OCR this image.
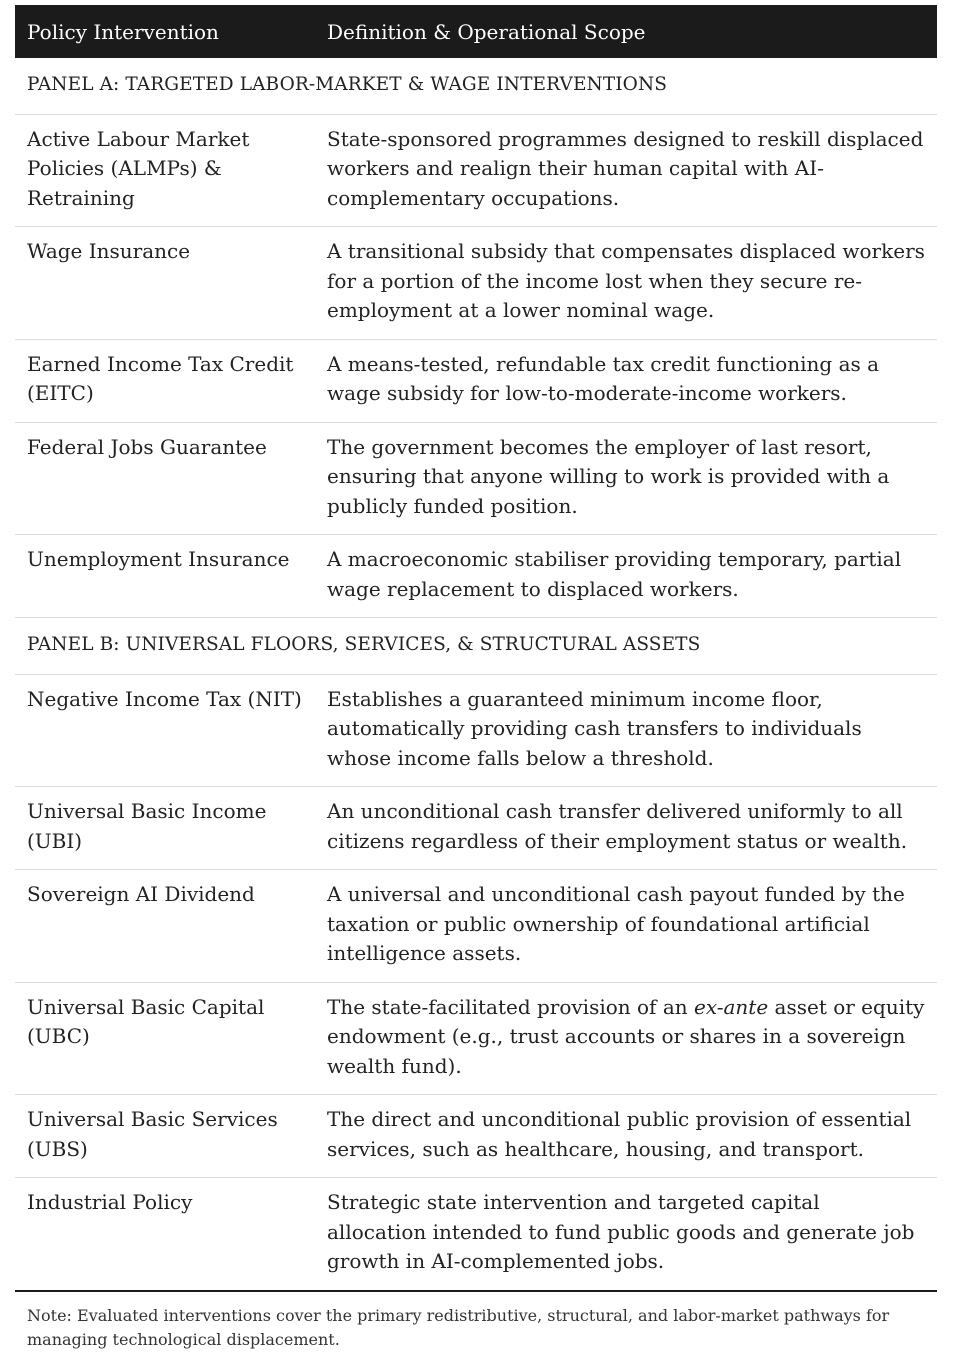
Policy Intervention	Definition & Operational Scope
PANEL A: TARGETED LABOR-MARKET & WAGE INTERVENTIONS	
Active Labour Market Policies (ALMPs) & Retraining	State-sponsored programmes designed to reskill displaced workers and realign their human capital with AI-complementary occupations.
Wage Insurance	A transitional subsidy that compensates displaced workers for a portion of the income lost when they secure re-employment at a lower nominal wage.
Earned Income Tax Credit (EITC)	A means-tested, refundable tax credit functioning as a wage subsidy for low-to-moderate-income workers.
Federal Jobs Guarantee	The government becomes the employer of last resort, ensuring that anyone willing to work is provided with a publicly funded position.
Unemployment Insurance	A macroeconomic stabiliser providing temporary, partial wage replacement to displaced workers.
PANEL B: UNIVERSAL FLOORS, SERVICES, & STRUCTURAL ASSETS	
Negative Income Tax (NIT)	Establishes a guaranteed minimum income floor, automatically providing cash transfers to individuals whose income falls below a threshold.
Universal Basic Income (UBI)	An unconditional cash transfer delivered uniformly to all citizens regardless of their employment status or wealth.
Sovereign AI Dividend	A universal and unconditional cash payout funded by the taxation or public ownership of foundational artificial intelligence assets.
Universal Basic Capital (UBC)	The state-facilitated provision of an ex-ante asset or equity endowment (e.g., trust accounts or shares in a sovereign wealth fund).
Universal Basic Services (UBS)	The direct and unconditional public provision of essential services, such as healthcare, housing, and transport.
Industrial Policy	Strategic state intervention and targeted capital allocation intended to fund public goods and generate job growth in AI-complemented jobs.
Note: Evaluated interventions cover the primary redistributive, structural, and labor-market pathways for managing technological displacement.
